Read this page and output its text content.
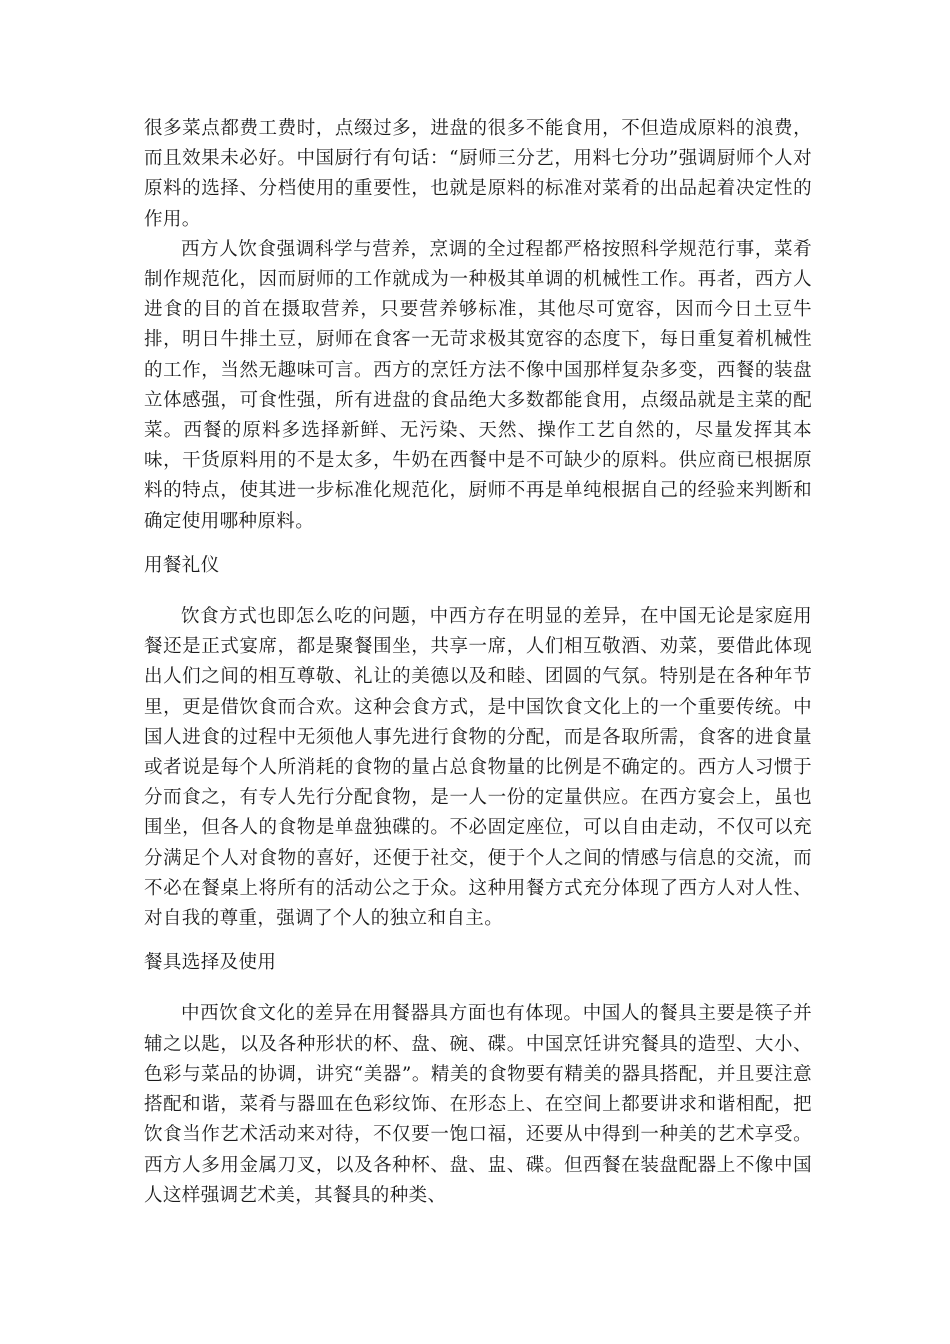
很多菜点都费工费时，点缀过多，进盘的很多不能食用，不但造成原料的浪费，而且效果未必好。中国厨行有句话：“厨师三分艺，用料七分功”强调厨师个人对原料的选择、分档使用的重要性，也就是原料的标准对菜肴的出品起着决定性的作用。

西方人饮食强调科学与营养，烹调的全过程都严格按照科学规范行事，菜肴制作规范化，因而厨师的工作就成为一种极其单调的机械性工作。再者，西方人进食的目的首在摄取营养，只要营养够标准，其他尽可宽容，因而今日土豆牛排，明日牛排土豆，厨师在食客一无苛求极其宽容的态度下，每日重复着机械性的工作，当然无趣味可言。西方的烹饪方法不像中国那样复杂多变，西餐的装盘立体感强，可食性强，所有进盘的食品绝大多数都能食用，点缀品就是主菜的配菜。西餐的原料多选择新鲜、无污染、天然、操作工艺自然的，尽量发挥其本味，干货原料用的不是太多，牛奶在西餐中是不可缺少的原料。供应商已根据原料的特点，使其进一步标准化规范化，厨师不再是单纯根据自己的经验来判断和确定使用哪种原料。

用餐礼仪

饮食方式也即怎么吃的问题，中西方存在明显的差异，在中国无论是家庭用餐还是正式宴席，都是聚餐围坐，共享一席，人们相互敬酒、劝菜，要借此体现出人们之间的相互尊敬、礼让的美德以及和睦、团圆的气氛。特别是在各种年节里，更是借饮食而合欢。这种会食方式，是中国饮食文化上的一个重要传统。中国人进食的过程中无须他人事先进行食物的分配，而是各取所需，食客的进食量或者说是每个人所消耗的食物的量占总食物量的比例是不确定的。西方人习惯于分而食之，有专人先行分配食物，是一人一份的定量供应。在西方宴会上，虽也围坐，但各人的食物是单盘独碟的。不必固定座位，可以自由走动，不仅可以充分满足个人对食物的喜好，还便于社交，便于个人之间的情感与信息的交流，而不必在餐桌上将所有的活动公之于众。这种用餐方式充分体现了西方人对人性、对自我的尊重，强调了个人的独立和自主。

餐具选择及使用

中西饮食文化的差异在用餐器具方面也有体现。中国人的餐具主要是筷子并辅之以匙，以及各种形状的杯、盘、碗、碟。中国烹饪讲究餐具的造型、大小、色彩与菜品的协调，讲究“美器”。精美的食物要有精美的器具搭配，并且要注意搭配和谐，菜肴与器皿在色彩纹饰、在形态上、在空间上都要讲求和谐相配，把饮食当作艺术活动来对待，不仅要一饱口福，还要从中得到一种美的艺术享受。西方人多用金属刀叉，以及各种杯、盘、盅、碟。但西餐在装盘配器上不像中国人这样强调艺术美，其餐具的种类、
